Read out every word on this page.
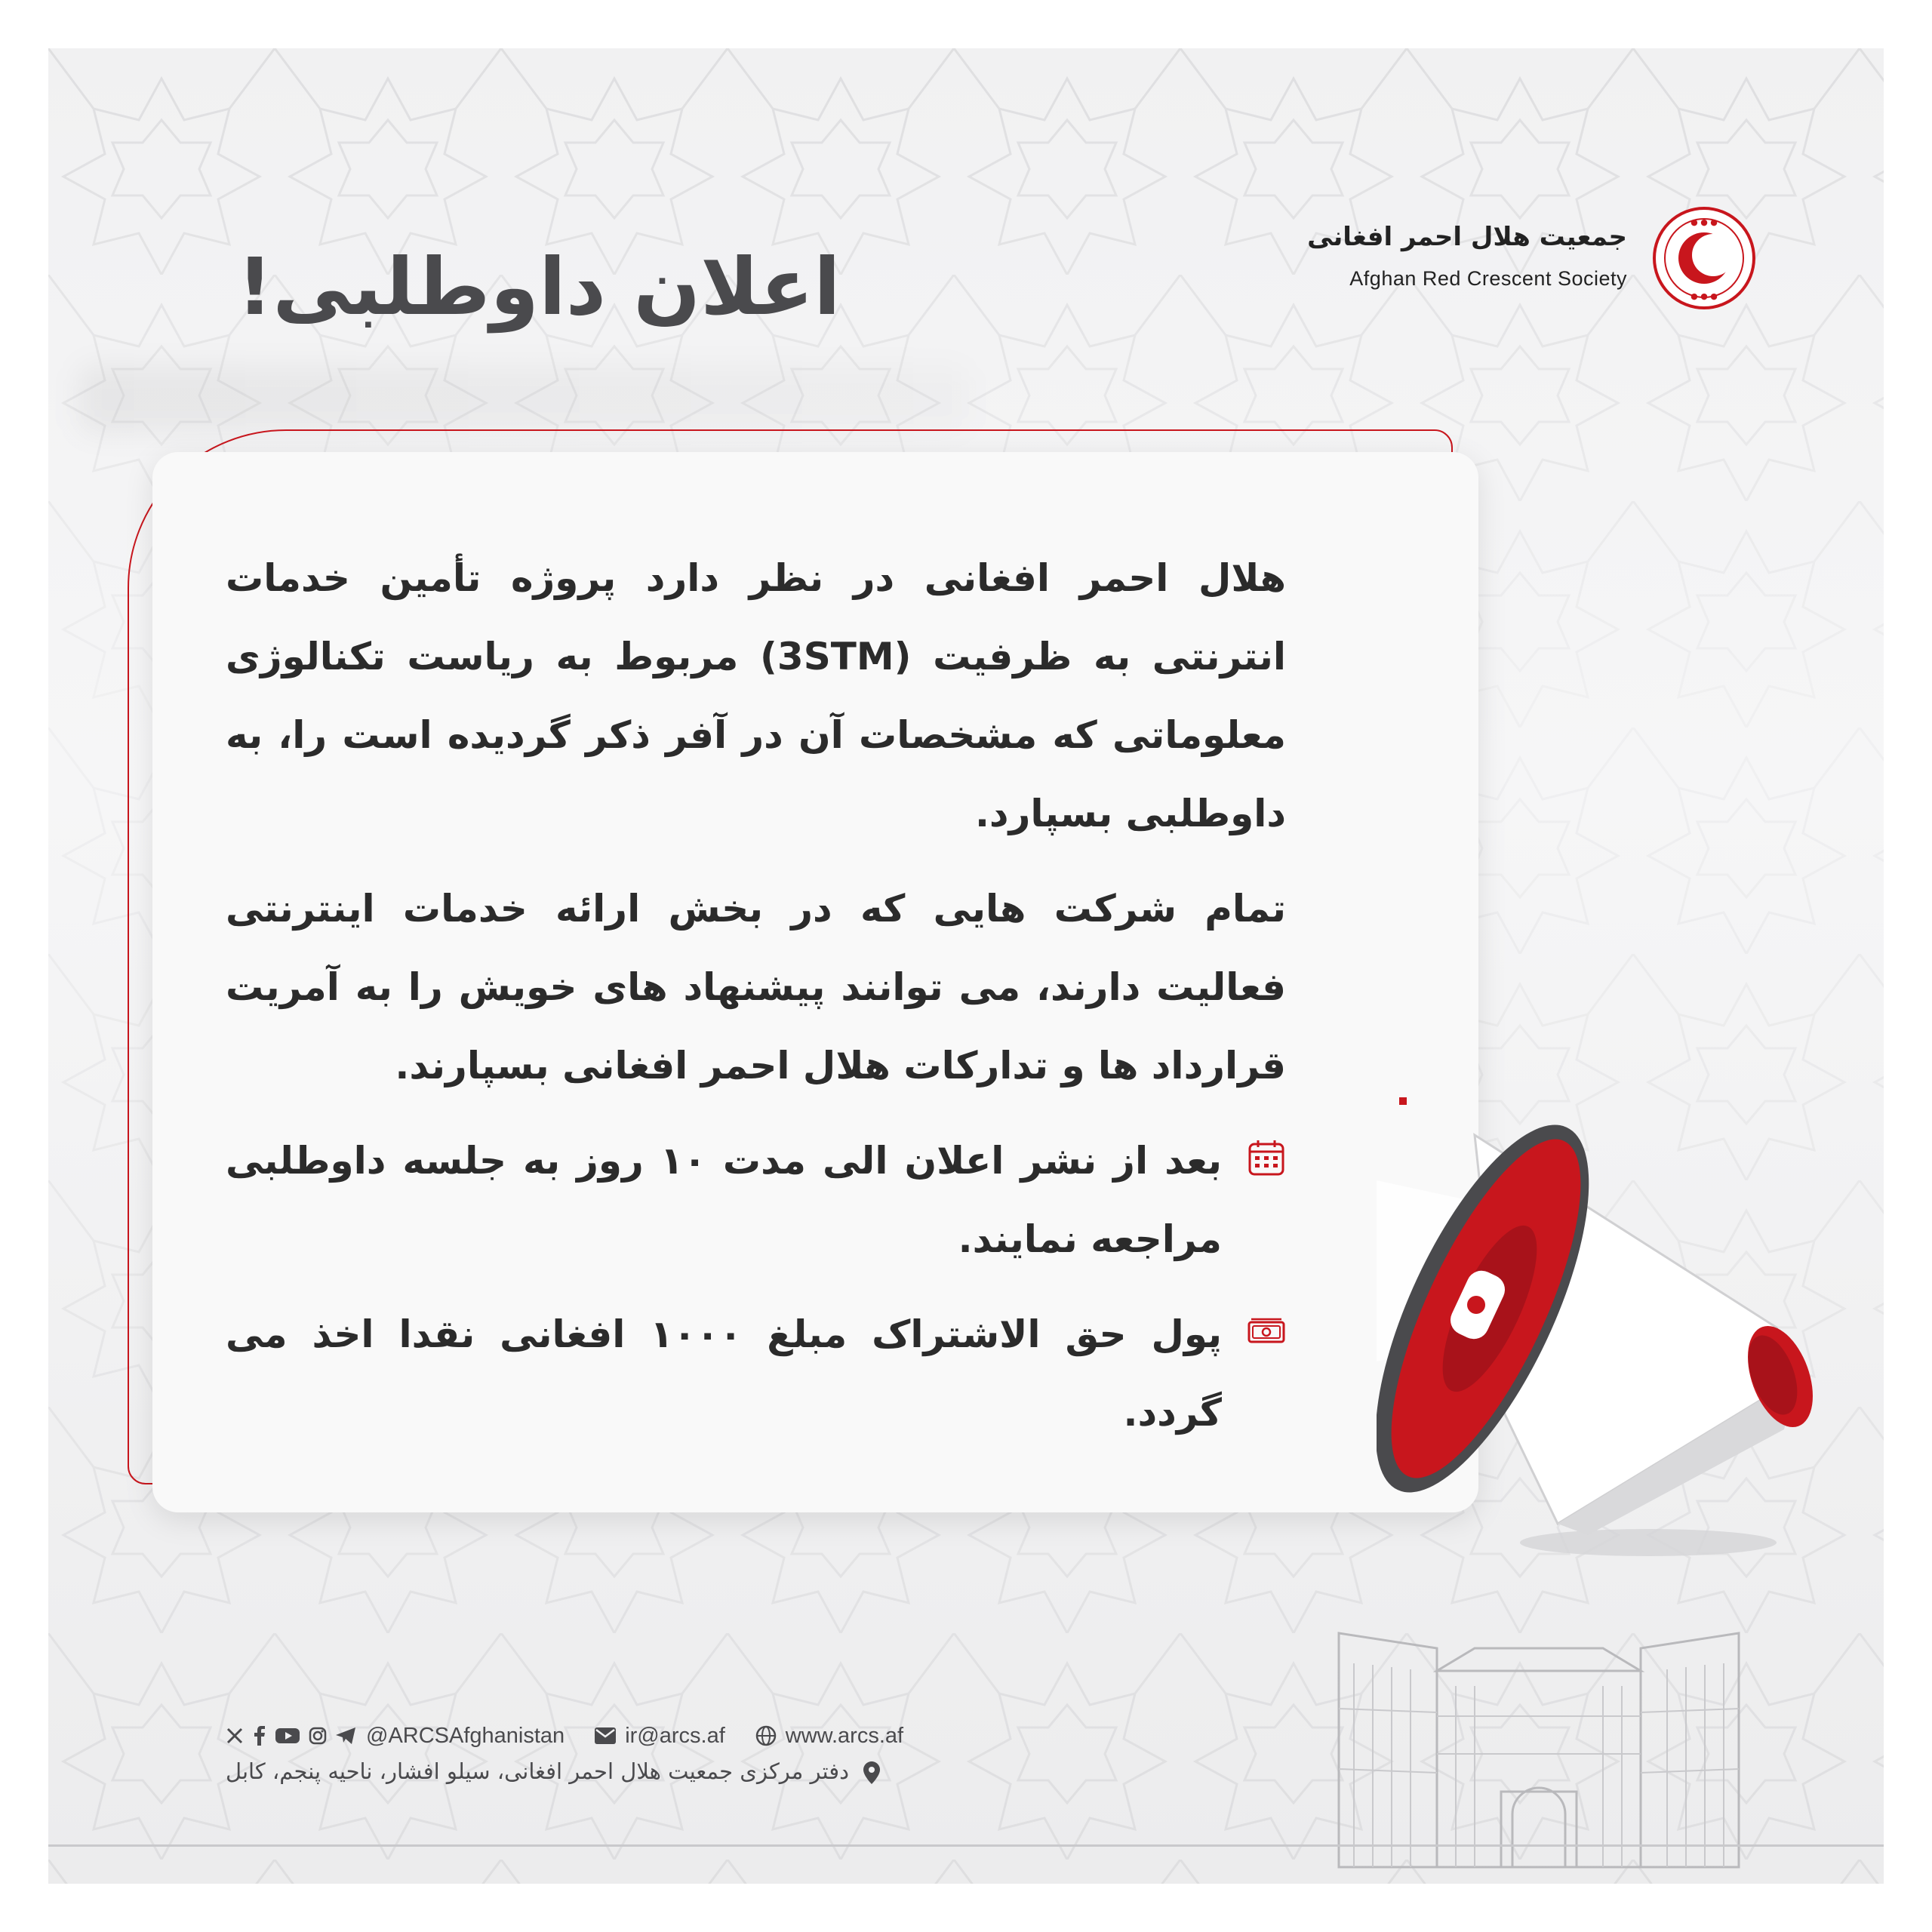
● ● ●
● ● ●
جمعیت هلال احمر افغانی
Afghan Red Crescent Society
اعلان داوطلبی!

هلال احمر افغانی در نظر دارد پروژه تأمین خدمات انترنتی به ظرفیت (3STM) مربوط به ریاست تکنالوژی معلوماتی که مشخصات آن در آفر ذکر گردیده است را، به داوطلبی بسپارد.

تمام شرکت هایی که در بخش ارائه خدمات اینترنتی فعالیت دارند، می توانند پیشنهاد های خویش را به آمریت قرارداد ها و تدارکات هلال احمر افغانی بسپارند.

بعد از نشر اعلان الی مدت ۱۰ روز به جلسه داوطلبی مراجعه نمایند.
پول حق الاشتراک مبلغ ۱۰۰۰ افغانی نقدا اخذ می گردد.
@ARCSAfghanistan	ir@arcs.af	www.arcs.af
دفتر مرکزی جمعیت هلال احمر افغانی، سیلو افشار، ناحیه پنجم، کابل
